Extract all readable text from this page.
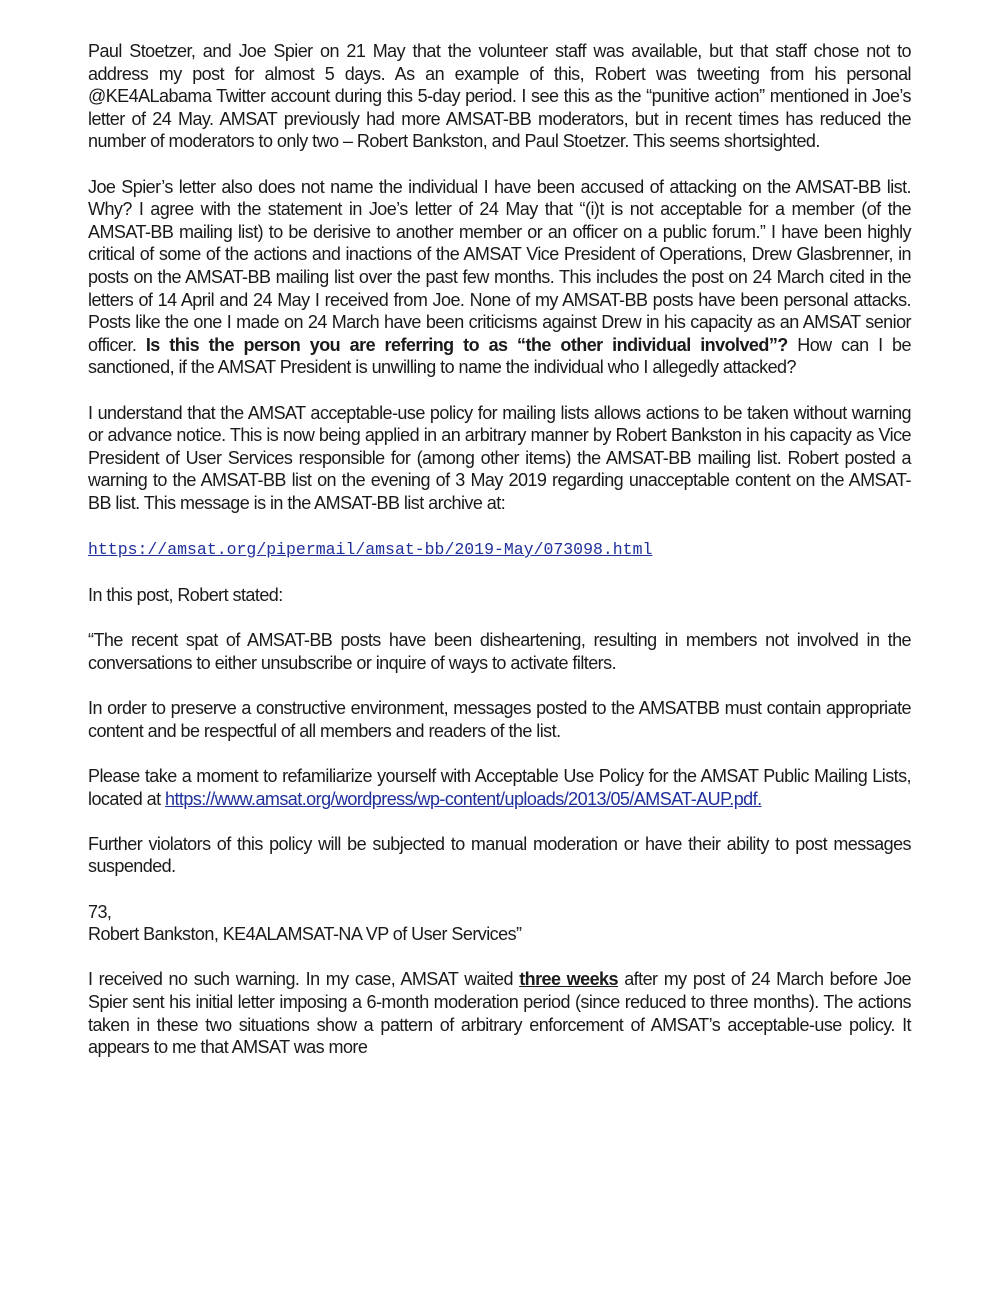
Paul Stoetzer, and Joe Spier on 21 May that the volunteer staff was available, but that staff chose not to address my post for almost 5 days. As an example of this, Robert was tweeting from his personal @KE4ALabama Twitter account during this 5-day period. I see this as the “punitive action” mentioned in Joe’s letter of 24 May. AMSAT previously had more AMSAT-BB moderators, but in recent times has reduced the number of moderators to only two – Robert Bankston, and Paul Stoetzer. This seems shortsighted.

Joe Spier’s letter also does not name the individual I have been accused of attacking on the AMSAT-BB list. Why? I agree with the statement in Joe’s letter of 24 May that “(i)t is not acceptable for a member (of the AMSAT-BB mailing list) to be derisive to another member or an officer on a public forum.” I have been highly critical of some of the actions and inactions of the AMSAT Vice President of Operations, Drew Glasbrenner, in posts on the AMSAT-BB mailing list over the past few months. This includes the post on 24 March cited in the letters of 14 April and 24 May I received from Joe. None of my AMSAT-BB posts have been personal attacks. Posts like the one I made on 24 March have been criticisms against Drew in his capacity as an AMSAT senior officer. Is this the person you are referring to as “the other individual involved”? How can I be sanctioned, if the AMSAT President is unwilling to name the individual who I allegedly attacked?

I understand that the AMSAT acceptable-use policy for mailing lists allows actions to be taken without warning or advance notice. This is now being applied in an arbitrary manner by Robert Bankston in his capacity as Vice President of User Services responsible for (among other items) the AMSAT-BB mailing list. Robert posted a warning to the AMSAT-BB list on the evening of 3 May 2019 regarding unacceptable content on the AMSAT-BB list. This message is in the AMSAT-BB list archive at:

https://amsat.org/pipermail/amsat-bb/2019-May/073098.html

In this post, Robert stated:

“The recent spat of AMSAT-BB posts have been disheartening, resulting in members not involved in the conversations to either unsubscribe or inquire of ways to activate filters.

In order to preserve a constructive environment, messages posted to the AMSATBB must contain appropriate content and be respectful of all members and readers of the list.

Please take a moment to refamiliarize yourself with Acceptable Use Policy for the AMSAT Public Mailing Lists, located at https://www.amsat.org/wordpress/wp-content/uploads/2013/05/AMSAT-AUP.pdf.

Further violators of this policy will be subjected to manual moderation or have their ability to post messages suspended.

73,

Robert Bankston, KE4ALAMSAT-NA VP of User Services”

I received no such warning. In my case, AMSAT waited three weeks after my post of 24 March before Joe Spier sent his initial letter imposing a 6-month moderation period (since reduced to three months). The actions taken in these two situations show a pattern of arbitrary enforcement of AMSAT’s acceptable-use policy. It appears to me that AMSAT was more
